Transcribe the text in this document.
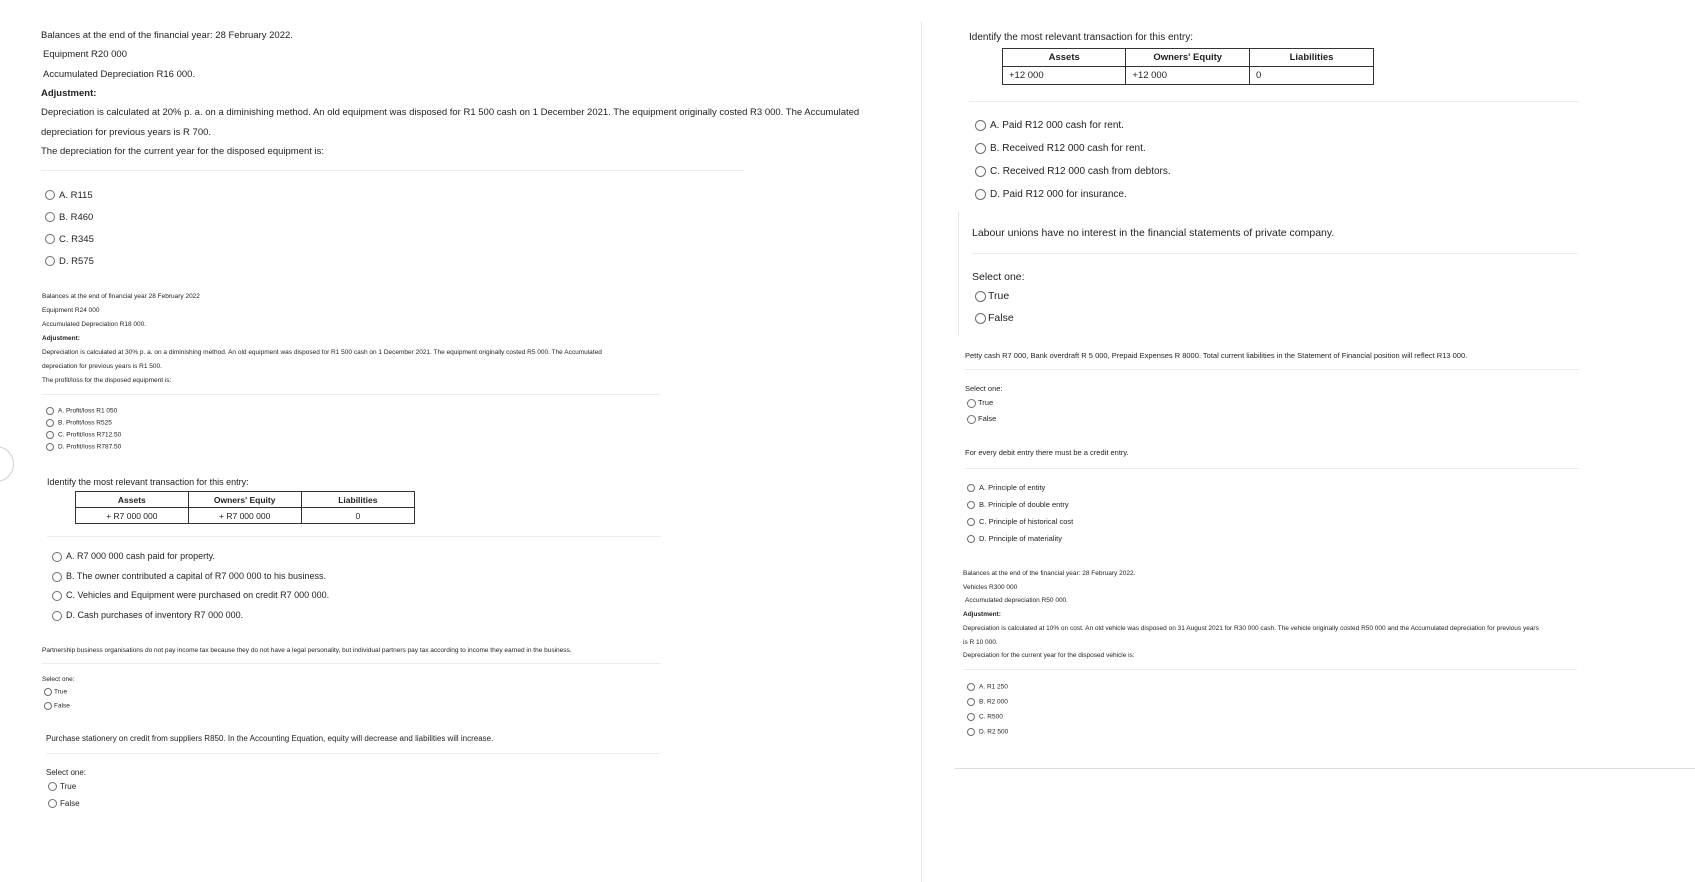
Balances at the end of the financial year: 28 February 2022.
Equipment R20 000
Accumulated Depreciation R16 000.
Adjustment:
Depreciation is calculated at 20% p. a. on a diminishing method. An old equipment was disposed for R1 500 cash on 1 December 2021. The equipment originally costed R3 000. The Accumulated
depreciation for previous years is R 700.
The depreciation for the current year for the disposed equipment is:
A. R115
B. R460
C. R345
D. R575
Balances at the end of financial year 28 February 2022
Equipment R24 000
Accumulated Depreciation R18 000.
Adjustment:
Depreciation is calculated at 30% p. a. on a diminishing method. An old equipment was disposed for R1 500 cash on 1 December 2021. The equipment originally costed R5 000. The Accumulated
depreciation for previous years is R1 500.
The profit/loss for the disposed equipment is:
A. Profit/loss R1 050
B. Profit/loss R525
C. Profit/loss R712.50
D. Profit/loss R787.50
Identify the most relevant transaction for this entry:
Assets	Owners' Equity	Liabilities
+ R7 000 000	+ R7 000 000	0
A. R7 000 000 cash paid for property.
B. The owner contributed a capital of R7 000 000 to his business.
C. Vehicles and Equipment were purchased on credit R7 000 000.
D. Cash purchases of inventory R7 000 000.
Partnership business organisations do not pay income tax because they do not have a legal personality, but individual partners pay tax according to income they earned in the business.
Select one:
True
False
Purchase stationery on credit from suppliers R850. In the Accounting Equation, equity will decrease and liabilities will increase.
Select one:
True
False
Identify the most relevant transaction for this entry:
Assets	Owners' Equity	Liabilities
+12 000	+12 000	0
A. Paid R12 000 cash for rent.
B. Received R12 000 cash for rent.
C. Received R12 000 cash from debtors.
D. Paid R12 000 for insurance.
Labour unions have no interest in the financial statements of private company.
Select one:
True
False
Petty cash R7 000, Bank overdraft R 5 000, Prepaid Expenses R 8000. Total current liabilities in the Statement of Financial position will reflect R13 000.
Select one:
True
False
For every debit entry there must be a credit entry.
A. Principle of entity
B. Principle of double entry
C. Principle of historical cost
D. Principle of materiality
Balances at the end of the financial year: 28 February 2022.
Vehicles R300 000
Accumulated depreciation R50 000.
Adjustment:
Depreciation is calculated at 10% on cost. An old vehicle was disposed on 31 August 2021 for R30 000 cash. The vehicle originally costed R50 000 and the Accumulated depreciation for previous years
is R 10 000.
Depreciation for the current year for the disposed vehicle is:
A. R1 250
B. R2 000
C. R500
D. R2 500
